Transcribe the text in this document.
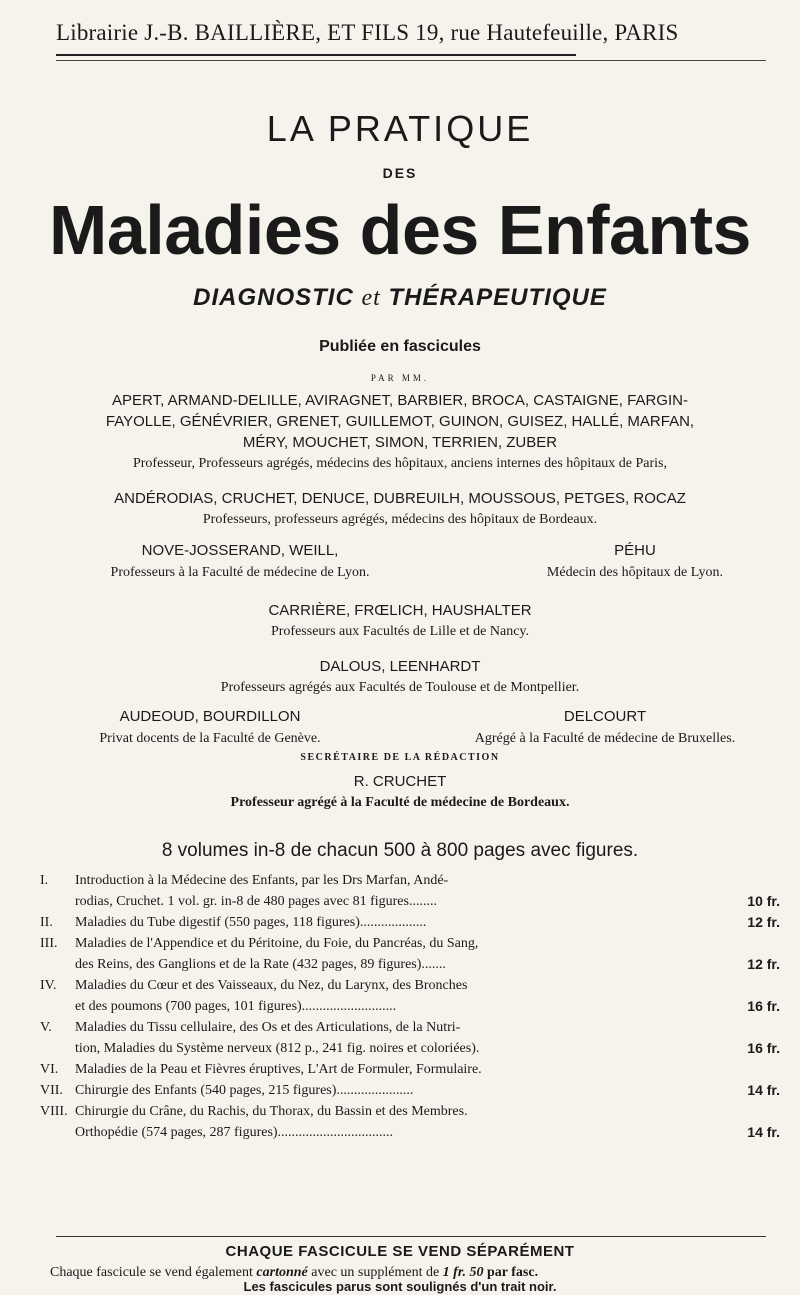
Librairie J.-B. BAILLIÈRE, ET FILS 19, rue Hautefeuille, PARIS
LA PRATIQUE
DES
Maladies des Enfants
DIAGNOSTIC et THÉRAPEUTIQUE
Publiée en fascicules
PAR MM.
APERT, ARMAND-DELILLE, AVIRAGNET, BARBIER, BROCA, CASTAIGNE, FARGIN-
FAYOLLE, GÉNÉVRIER, GRENET, GUILLEMOT, GUINON, GUISEZ, HALLÉ, MARFAN,
MÉRY, MOUCHET, SIMON, TERRIEN, ZUBER
Professeur, Professeurs agrégés, médecins des hôpitaux, anciens internes des hôpitaux de Paris,
ANDÉRODIAS, CRUCHET, DENUCE, DUBREUILH, MOUSSOUS, PETGES, ROCAZ
Professeurs, professeurs agrégés, médecins des hôpitaux de Bordeaux.
NOVE-JOSSERAND, WEILL,
Professeurs à la Faculté de médecine de Lyon.
PÉHU
Médecin des hôpitaux de Lyon.
CARRIÈRE, FRŒLICH, HAUSHALTER
Professeurs aux Facultés de Lille et de Nancy.
DALOUS, LEENHARDT
Professeurs agrégés aux Facultés de Toulouse et de Montpellier.
AUDEOUD, BOURDILLON
Privat docents de la Faculté de Genève.
DELCOURT
Agrégé à la Faculté de médecine de Bruxelles.
SECRÉTAIRE DE LA RÉDACTION
R. CRUCHET
Professeur agrégé à la Faculté de médecine de Bordeaux.
8 volumes in-8 de chacun 500 à 800 pages avec figures.
I.	Introduction à la Médecine des Enfants, par les Drs Marfan, Andé-
rodias, Cruchet. 1 vol. gr. in-8 de 480 pages avec 81 figures........	10 fr.
II.	Maladies du Tube digestif (550 pages, 118 figures)...................	12 fr.
III.	Maladies de l'Appendice et du Péritoine, du Foie, du Pancréas, du Sang,
des Reins, des Ganglions et de la Rate (432 pages, 89 figures).......	12 fr.
IV.	Maladies du Cœur et des Vaisseaux, du Nez, du Larynx, des Bronches
et des poumons (700 pages, 101 figures)...........................	16 fr.
V.	Maladies du Tissu cellulaire, des Os et des Articulations, de la Nutri-
tion, Maladies du Système nerveux (812 p., 241 fig. noires et coloriées).	16 fr.
VI.	Maladies de la Peau et Fièvres éruptives, L'Art de Formuler, Formulaire.
VII. Chirurgie des Enfants (540 pages, 215 figures)......................	14 fr.
VIII. Chirurgie du Crâne, du Rachis, du Thorax, du Bassin et des Membres.
Orthopédie (574 pages, 287 figures).................................	14 fr.
CHAQUE FASCICULE SE VEND SÉPARÉMENT
Chaque fascicule se vend également cartonné avec un supplément de 1 fr. 50 par fasc.
Les fascicules parus sont soulignés d'un trait noir.
